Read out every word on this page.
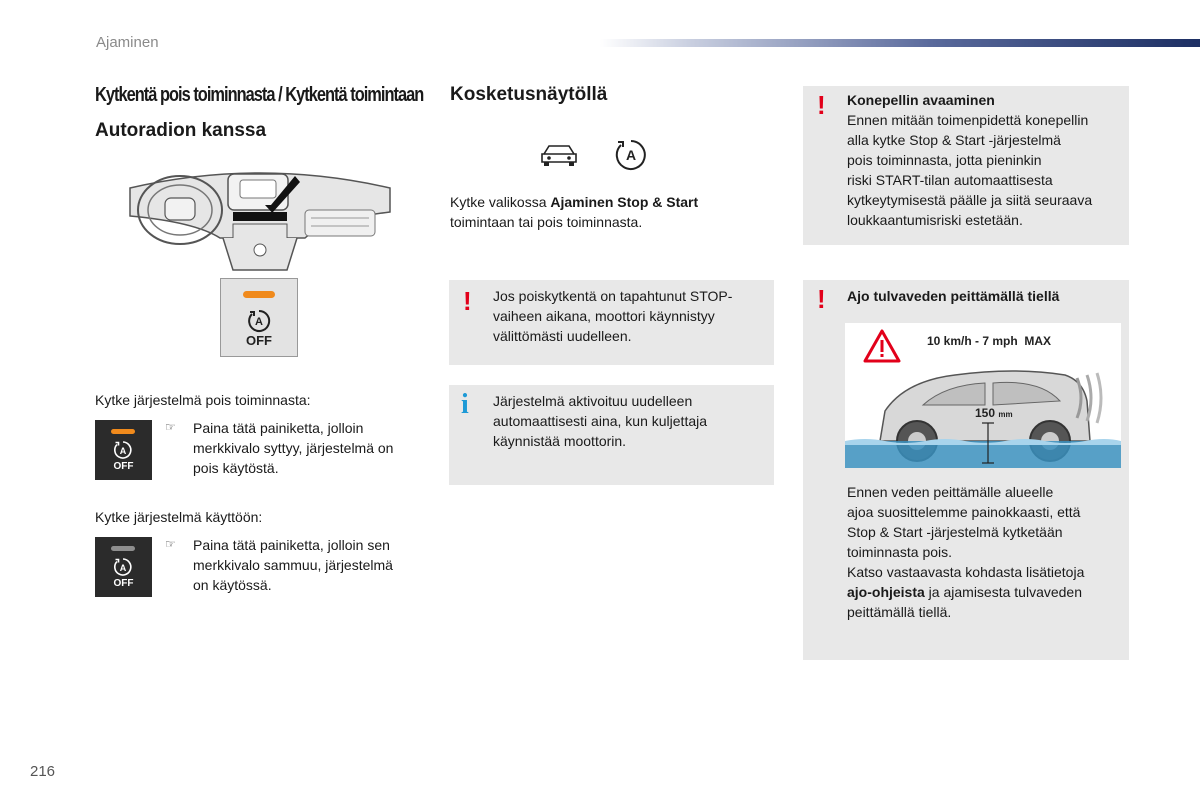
Ajaminen
Kytkentä pois toiminnasta / Kytkentä toimintaan
Autoradion kanssa
A
OFF
Kytke järjestelmä pois toiminnasta:
A
OFF
☞ Paina tätä painiketta, jolloin
merkkivalo syttyy, järjestelmä on
pois käytöstä.
Kytke järjestelmä käyttöön:
A
OFF
☞ Paina tätä painiketta, jolloin sen
merkkivalo sammuu, järjestelmä
on käytössä.
Kosketusnäytöllä
A
Kytke valikossa Ajaminen Stop & Start
toimintaan tai pois toiminnasta.
! Jos poiskytkentä on tapahtunut STOP-
vaiheen aikana, moottori käynnistyy
välittömästi uudelleen.
i Järjestelmä aktivoituu uudelleen
automaattisesti aina, kun kuljettaja
käynnistää moottorin.
! Konepellin avaaminen
Ennen mitään toimenpidettä konepellin
alla kytke Stop & Start -järjestelmä
pois toiminnasta, jotta pieninkin
riski START-tilan automaattisesta
kytkeytymisestä päälle ja siitä seuraava
loukkaantumisriski estetään.
! Ajo tulvaveden peittämällä tiellä
10 km/h - 7 mph  MAX
150 mm
Ennen veden peittämälle alueelle
ajoa suosittelemme painokkaasti, että
Stop & Start -järjestelmä kytketään
toiminnasta pois.
Katso vastaavasta kohdasta lisätietoja
ajo-ohjeista ja ajamisesta tulvaveden
peittämällä tiellä.
216
